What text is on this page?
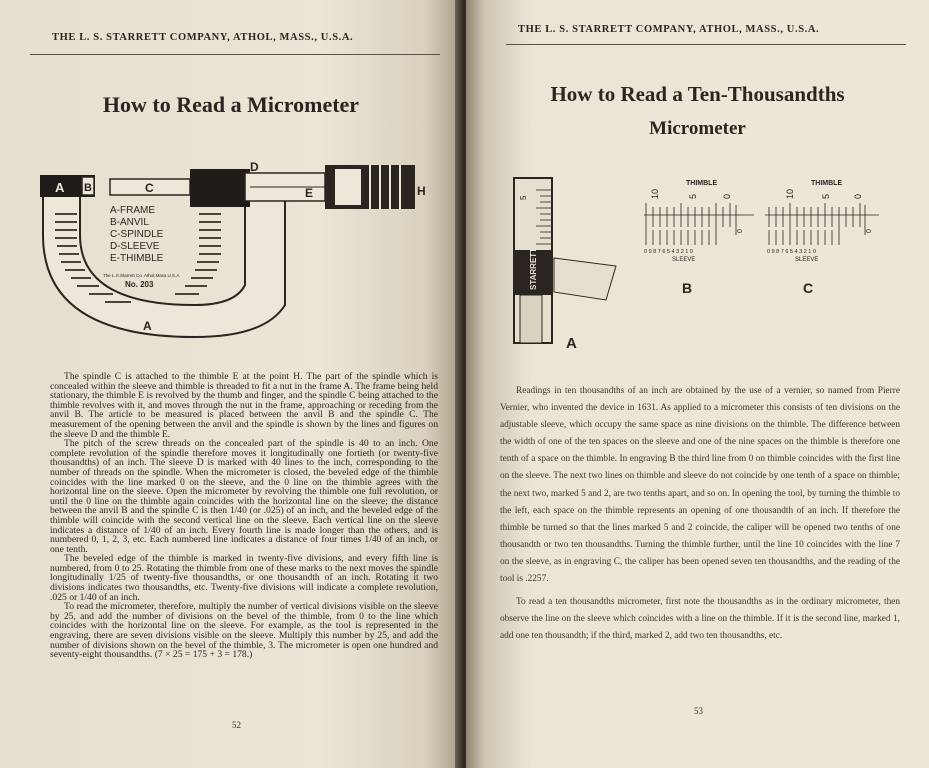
THE L. S. STARRETT COMPANY, ATHOL, MASS., U.S.A.
How to Read a Micrometer
A B	C
D
E	H
A-FRAME
B-ANVIL
C-SPINDLE
D-SLEEVE
E-THIMBLE
No. 203
The L.S.Starrett Co. Athol,Mass.U.S.A.
A

The spindle C is attached to the thimble E at the point H. The part of the spindle which is concealed within the sleeve and thimble is threaded to fit a nut in the frame A. The frame being held stationary, the thimble E is revolved by the thumb and finger, and the spindle C being attached to the thimble revolves with it, and moves through the nut in the frame, approaching or receding from the anvil B. The article to be measured is placed between the anvil B and the spindle C. The measurement of the opening between the anvil and the spindle is shown by the lines and figures on the sleeve D and the thimble E.

The pitch of the screw threads on the concealed part of the spindle is 40 to an inch. One complete revolution of the spindle therefore moves it longitudinally one fortieth (or twenty-five thousandths) of an inch. The sleeve D is marked with 40 lines to the inch, corresponding to the number of threads on the spindle. When the micrometer is closed, the beveled edge of the thimble coincides with the line marked 0 on the sleeve, and the 0 line on the thimble agrees with the horizontal line on the sleeve. Open the micrometer by revolving the thimble one full revolution, or until the 0 line on the thimble again coincides with the horizontal line on the sleeve; the distance between the anvil B and the spindle C is then 1/40 (or .025) of an inch, and the beveled edge of the thimble will coincide with the second vertical line on the sleeve. Each vertical line on the sleeve indicates a distance of 1/40 of an inch. Every fourth line is made longer than the others, and is numbered 0, 1, 2, 3, etc. Each numbered line indicates a distance of four times 1/40 of an inch, or one tenth.

The beveled edge of the thimble is marked in twenty-five divisions, and every fifth line is numbered, from 0 to 25. Rotating the thimble from one of these marks to the next moves the spindle longitudinally 1/25 of twenty-five thousandths, or one thousandth of an inch. Rotating it two divisions indicates two thousandths, etc. Twenty-five divisions will indicate a complete revolution, .025 or 1/40 of an inch.

To read the micrometer, therefore, multiply the number of vertical divisions visible on the sleeve by 25, and add the number of divisions on the bevel of the thimble, from 0 to the line which coincides with the horizontal line on the sleeve. For example, as the tool is represented in the engraving, there are seven divisions visible on the sleeve. Multiply this number by 25, and add the number of divisions shown on the bevel of the thimble, 3. The micrometer is open one hundred and seventy-eight thousandths. (7 × 25 = 175 + 3 = 178.)

52
THE L. S. STARRETT COMPANY, ATHOL, MASS., U.S.A.
How to Read a Ten-Thousandths
Micrometer
5
STARRETT
A
THIMBLE
10	5	0
0
0 9 8 7 6 5 4 3 2 1 0
SLEEVE
B
THIMBLE
10	5 0
0
0 9 8 7 6 5 4 3 2 1 0
SLEEVE
C
53

Readings in ten thousandths of an inch are obtained by the use of a vernier, so named from Pierre Vernier, who invented the device in 1631. As applied to a micrometer this consists of ten divisions on the adjustable sleeve, which occupy the same space as nine divisions on the thimble. The difference between the width of one of the ten spaces on the sleeve and one of the nine spaces on the thimble is therefore one tenth of a space on the thimble. In engraving B the third line from 0 on thimble coincides with the first line on the sleeve. The next two lines on thimble and sleeve do not coincide by one tenth of a space on thimble; the next two, marked 5 and 2, are two tenths apart, and so on. In opening the tool, by turning the thimble to the left, each space on the thimble represents an opening of one thousandth of an inch. If therefore the thimble be turned so that the lines marked 5 and 2 coincide, the caliper will be opened two tenths of one thousandth or two ten thousandths. Turning the thimble further, until the line 10 coincides with the line 7 on the sleeve, as in engraving C, the caliper has been opened seven ten thousandths, and the reading of the tool is .2257.

To read a ten thousandths micrometer, first note the thousandths as in the ordinary micrometer, then observe the line on the sleeve which coincides with a line on the thimble. If it is the second line, marked 1, add one ten thousandth; if the third, marked 2, add two ten thousandths, etc.
